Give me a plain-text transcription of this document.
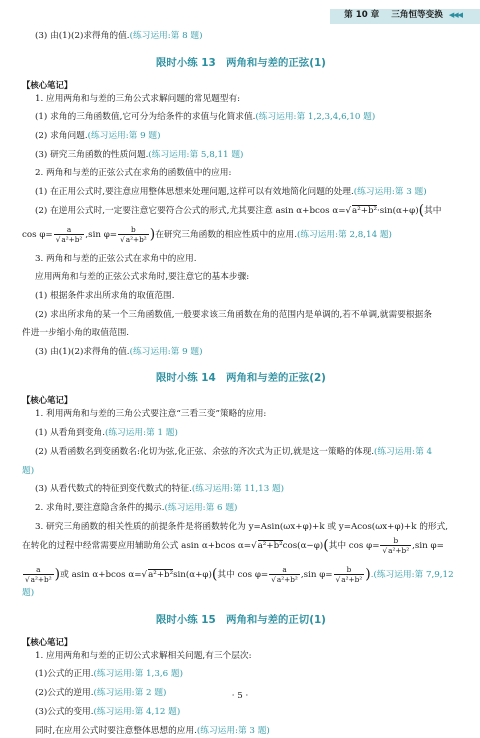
第 10 章 三角恒等变换 ◀◀◀

(3) 由(1)(2)求得角的值.(练习运用:第 8 题)

限时小练 13　两角和与差的正弦(1)
【核心笔记】

1. 应用两角和与差的三角公式求解问题的常见题型有:

(1) 求角的三角函数值,它可分为给条件的求值与化简求值.(练习运用:第 1,2,3,4,6,10 题)

(2) 求角问题.(练习运用:第 9 题)

(3) 研究三角函数的性质问题.(练习运用:第 5,8,11 题)

2. 两角和与差的正弦公式在求角的函数值中的应用:

(1) 在正用公式时,要注意应用整体思想来处理问题,这样可以有效地简化问题的处理.(练习运用:第 3 题)

(2) 在逆用公式时,一定要注意它要符合公式的形式,尤其要注意 asin α+bcos α=√a²+b²·sin(α+φ)(其中

$\cos \varphi= \frac{a}{\text{√a²+b²}} ,\sin$ $\varphi= \frac{b}{\text{√a²+b²}}$ )在研究三角函数的相应性质中的应用.(练习运用:第 2,8,14 题)

3. 两角和与差的正弦公式在求角中的应用.

应用两角和与差的正弦公式求角时,要注意它的基本步骤:

(1) 根据条件求出所求角的取值范围.

(2) 求出所求角的某一个三角函数值,一般要求该三角函数在角的范围内是单调的,若不单调,就需要根据条

件进一步缩小角的取值范围.

(3) 由(1)(2)求得角的值.(练习运用:第 9 题)

限时小练 14　两角和与差的正弦(2)
【核心笔记】

1. 利用两角和与差的三角公式要注意“三看三变”策略的应用:

(1) 从看角到变角.(练习运用:第 1 题)

(2) 从看函数名到变函数名:化切为弦,化正弦、余弦的齐次式为正切,就是这一策略的体现.(练习运用:第 4

题)

(3) 从看代数式的特征到变代数式的特征.(练习运用:第 11,13 题)

2. 求角时,要注意隐含条件的揭示.(练习运用:第 6 题)

3. 研究三角函数的相关性质的前提条件是将函数转化为 y=Asin(ωx+φ)+k 或 y=Acos(ωx+φ)+k 的形式,

在转化的过程中经常需要应用辅助角公式 asin α+bcos α=√a²+b²cos(α−φ)(其中 $\cos \varphi= \frac{b}{\text{√a²+b²}} ,\sin$ φ=

$\frac{a}{\text{√a²+b²}}$ )或 asin α+bcos α=√a²+b²sin(α+φ)(其中 $\cos \varphi= \frac{a}{\text{√a²+b²}} ,\sin$ $\varphi= \frac{b}{\text{√a²+b²}}$ ).(练习运用:第 7,9,12

题)

限时小练 15　两角和与差的正切(1)
【核心笔记】

1. 应用两角和与差的正切公式求解相关问题,有三个层次:

(1)公式的正用.(练习运用:第 1,3,6 题)

(2)公式的逆用.(练习运用:第 2 题)

(3)公式的变用.(练习运用:第 4,12 题)

同时,在应用公式时要注意整体思想的应用.(练习运用:第 3 题)

· 5 ·
